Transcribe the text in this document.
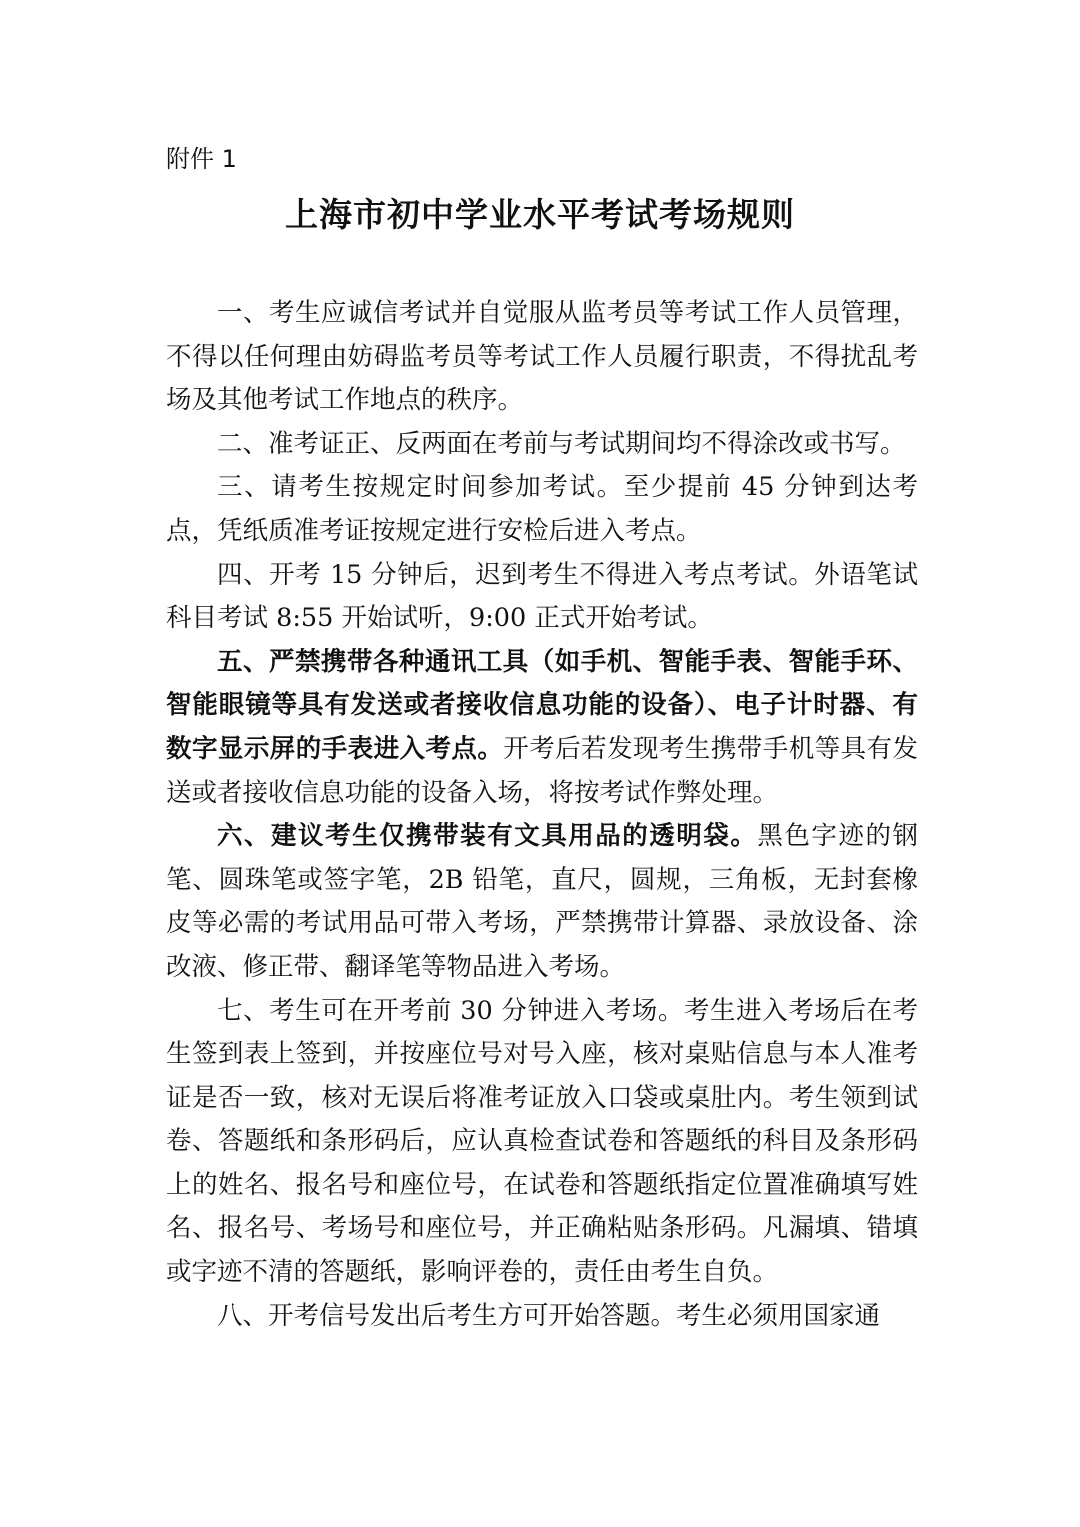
附件 1
上海市初中学业水平考试考场规则

一、考生应诚信考试并自觉服从监考员等考试工作人员管理，不得以任何理由妨碍监考员等考试工作人员履行职责，不得扰乱考场及其他考试工作地点的秩序。

二、准考证正、反两面在考前与考试期间均不得涂改或书写。

三、请考生按规定时间参加考试。至少提前 45 分钟到达考点，凭纸质准考证按规定进行安检后进入考点。

四、开考 15 分钟后，迟到考生不得进入考点考试。外语笔试科目考试 8:55 开始试听，9:00 正式开始考试。

五、严禁携带各种通讯工具（如手机、智能手表、智能手环、智能眼镜等具有发送或者接收信息功能的设备）、电子计时器、有数字显示屏的手表进入考点。开考后若发现考生携带手机等具有发送或者接收信息功能的设备入场，将按考试作弊处理。

六、建议考生仅携带装有文具用品的透明袋。黑色字迹的钢笔、圆珠笔或签字笔，2B 铅笔，直尺，圆规，三角板，无封套橡皮等必需的考试用品可带入考场，严禁携带计算器、录放设备、涂改液、修正带、翻译笔等物品进入考场。

七、考生可在开考前 30 分钟进入考场。考生进入考场后在考生签到表上签到，并按座位号对号入座，核对桌贴信息与本人准考证是否一致，核对无误后将准考证放入口袋或桌肚内。考生领到试卷、答题纸和条形码后，应认真检查试卷和答题纸的科目及条形码上的姓名、报名号和座位号，在试卷和答题纸指定位置准确填写姓名、报名号、考场号和座位号，并正确粘贴条形码。凡漏填、错填或字迹不清的答题纸，影响评卷的，责任由考生自负。

八、开考信号发出后考生方可开始答题。考生必须用国家通
